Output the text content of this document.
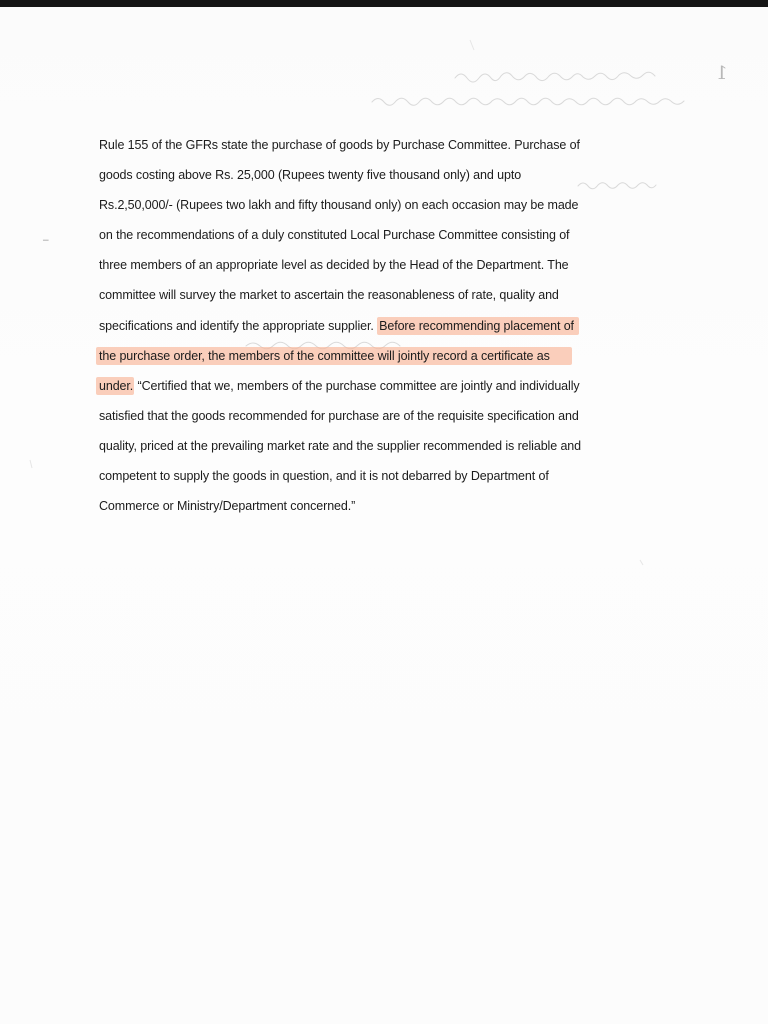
1
−

Rule 155 of the GFRs state the purchase of goods by Purchase Committee. Purchase of
goods costing above Rs. 25,000 (Rupees twenty five thousand only) and upto
Rs.2,50,000/- (Rupees two lakh and fifty thousand only) on each occasion may be made
on the recommendations of a duly constituted Local Purchase Committee consisting of
three members of an appropriate level as decided by the Head of the Department. The
committee will survey the market to ascertain the reasonableness of rate, quality and
specifications and identify the appropriate supplier. Before recommending placement of
the purchase order, the members of the committee will jointly record a certificate as
under. “Certified that we, members of the purchase committee are jointly and individually
satisfied that the goods recommended for purchase are of the requisite specification and
quality, priced at the prevailing market rate and the supplier recommended is reliable and
competent to supply the goods in question, and it is not debarred by Department of
Commerce or Ministry/Department concerned.”
